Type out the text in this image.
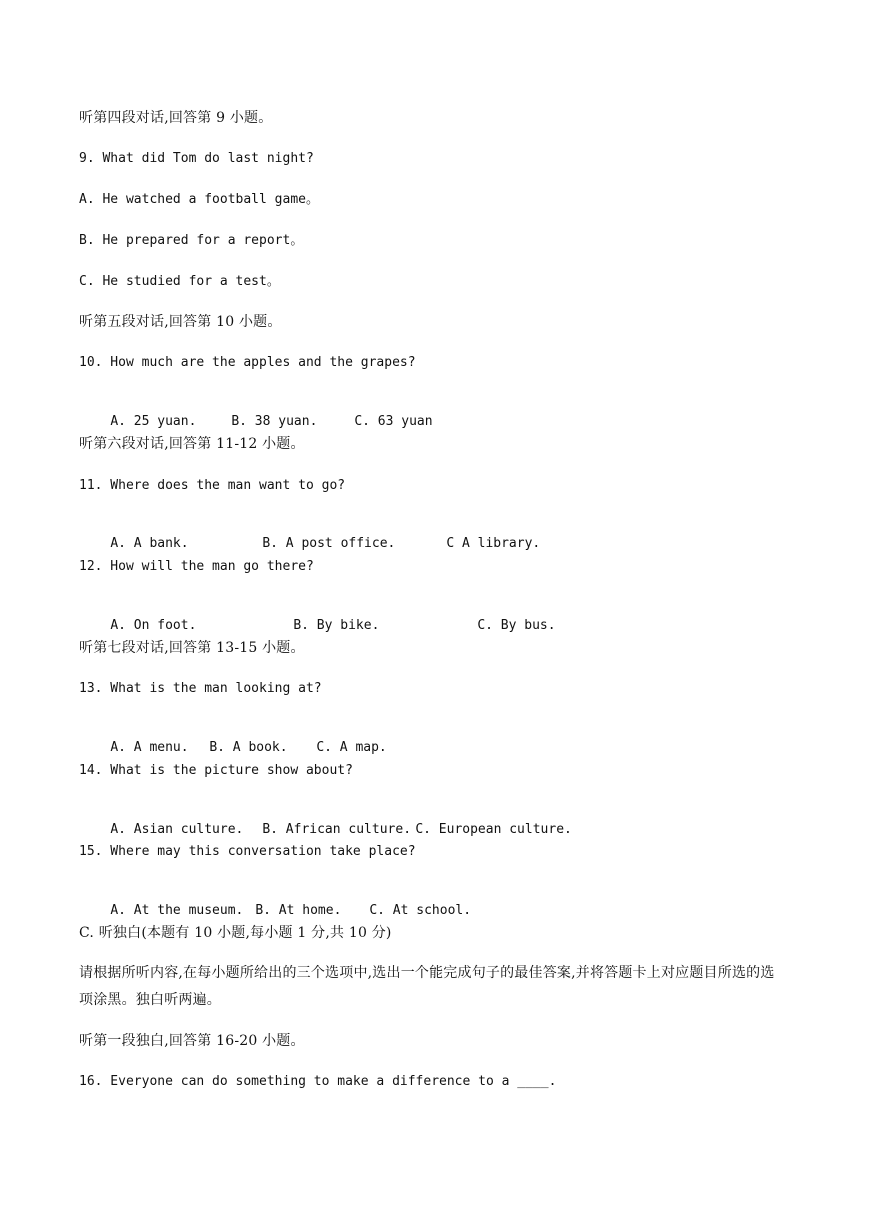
听第四段对话,回答第 9 小题。
9. What did Tom do last night?
A. He watched a football game。
B. He prepared for a report。
C. He studied for a test。
听第五段对话,回答第 10 小题。
10. How much are the apples and the grapes?

A. 25 yuan.	B. 38 yuan.	C. 63 yuan

听第六段对话,回答第 11-12 小题。
11. Where does the man want to go?

A. A bank.	B. A post office.	C A library.

12. How will the man go there?

A. On foot.	B. By bike.	C. By bus.

听第七段对话,回答第 13-15 小题。
13. What is the man looking at?

A. A menu. B. A book. C. A map.

14. What is the picture show about?

A. Asian culture. B. African culture. C. European culture.

15. Where may this conversation take place?

A. At the museum. B. At home. C. At school.

C. 听独白(本题有 10 小题,每小题 1 分,共 10 分)
请根据所听内容,在每小题所给出的三个选项中,选出一个能完成句子的最佳答案,并将答题卡上对应题目所选的选项涂黑。独白听两遍。
听第一段独白,回答第 16-20 小题。
16. Everyone can do something to make a difference to a ____.
